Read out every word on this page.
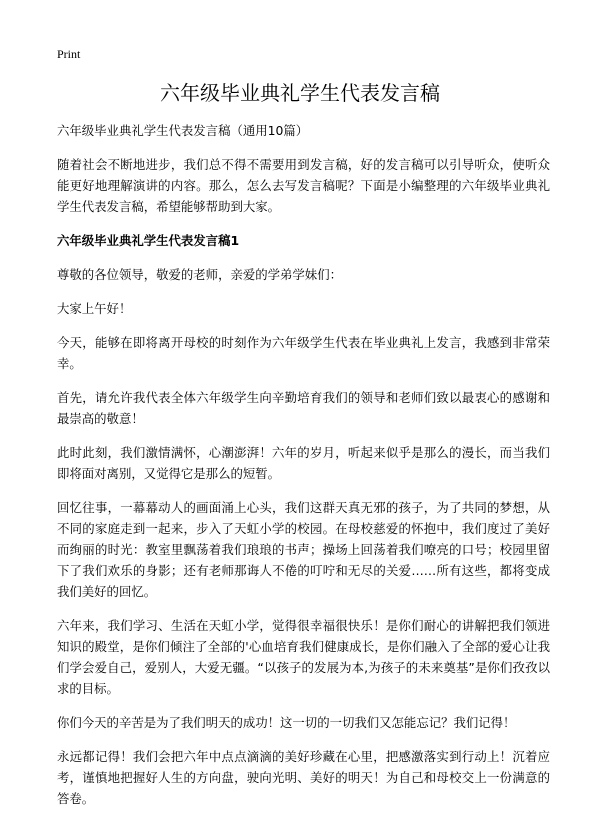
Print
六年级毕业典礼学生代表发言稿

六年级毕业典礼学生代表发言稿（通用10篇）

随着社会不断地进步，我们总不得不需要用到发言稿，好的发言稿可以引导听众，使听众能更好地理解演讲的内容。那么，怎么去写发言稿呢？下面是小编整理的六年级毕业典礼学生代表发言稿，希望能够帮助到大家。

六年级毕业典礼学生代表发言稿1

尊敬的各位领导，敬爱的老师，亲爱的学弟学妹们：

大家上午好！

今天，能够在即将离开母校的时刻作为六年级学生代表在毕业典礼上发言，我感到非常荣幸。

首先，请允许我代表全体六年级学生向辛勤培育我们的领导和老师们致以最衷心的感谢和最崇高的敬意！

此时此刻，我们激情满怀，心潮澎湃！六年的岁月，听起来似乎是那么的漫长，而当我们即将面对离别，又觉得它是那么的短暂。

回忆往事，一幕幕动人的画面涌上心头，我们这群天真无邪的孩子，为了共同的梦想，从不同的家庭走到一起来，步入了天虹小学的校园。在母校慈爱的怀抱中，我们度过了美好而绚丽的时光：教室里飘荡着我们琅琅的书声；操场上回荡着我们嘹亮的口号；校园里留下了我们欢乐的身影；还有老师那诲人不倦的叮咛和无尽的关爱……所有这些，都将变成我们美好的回忆。

六年来，我们学习、生活在天虹小学，觉得很幸福很快乐！是你们耐心的讲解把我们领进知识的殿堂，是你们倾注了全部的'心血培育我们健康成长，是你们融入了全部的爱心让我们学会爱自己，爱别人，大爱无疆。“以孩子的发展为本,为孩子的未来奠基”是你们孜孜以求的目标。

你们今天的辛苦是为了我们明天的成功！这一切的一切我们又怎能忘记？我们记得！

永远都记得！我们会把六年中点点滴滴的美好珍藏在心里，把感激落实到行动上！沉着应考，谨慎地把握好人生的方向盘，驶向光明、美好的明天！为自己和母校交上一份满意的答卷。
